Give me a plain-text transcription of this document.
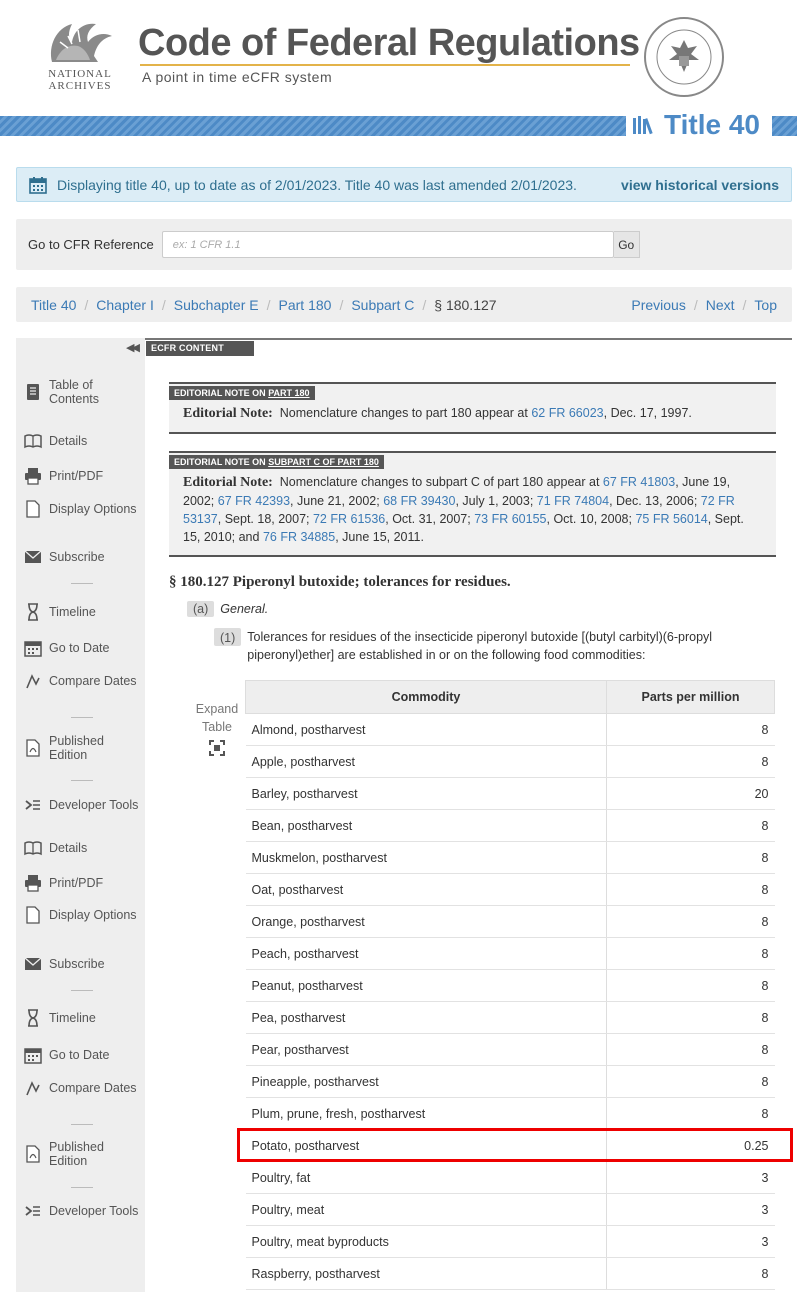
NATIONAL
ARCHIVES
Code of Federal Regulations
A point in time eCFR system
Title 40
Displaying title 40, up to date as of 2/01/2023. Title 40 was last amended 2/01/2023.	view historical versions
Go to CFR Reference
ex: 1 CFR 1.1	Go
Title 40 / Chapter I / Subchapter E / Part 180 / Subpart C / § 180.127	Previous / Next / Top
◀◀
Table of Contents
Details
Print/PDF
Display Options
Subscribe
Timeline
Go to Date
Compare Dates
Published Edition
Developer Tools
Details
Print/PDF
Display Options
Subscribe
Timeline
Go to Date
Compare Dates
Published Edition
Developer Tools
ECFR CONTENT
EDITORIAL NOTE ON PART 180
Editorial Note: Nomenclature changes to part 180 appear at 62 FR 66023, Dec. 17, 1997.
EDITORIAL NOTE ON SUBPART C OF PART 180
Editorial Note: Nomenclature changes to subpart C of part 180 appear at 67 FR 41803, June 19, 2002; 67 FR 42393, June 21, 2002; 68 FR 39430, July 1, 2003; 71 FR 74804, Dec. 13, 2006; 72 FR 53137, Sept. 18, 2007; 72 FR 61536, Oct. 31, 2007; 73 FR 60155, Oct. 10, 2008; 75 FR 56014, Sept. 15, 2010; and 76 FR 34885, June 15, 2011.
§ 180.127 Piperonyl butoxide; tolerances for residues.
(a) General.
(1) Tolerances for residues of the insecticide piperonyl butoxide [(butyl carbityl)(6-propyl piperonyl)ether] are established in or on the following food commodities:
Expand
Table
Commodity	Parts per million
Almond, postharvest	8
Apple, postharvest	8
Barley, postharvest	20
Bean, postharvest	8
Muskmelon, postharvest	8
Oat, postharvest	8
Orange, postharvest	8
Peach, postharvest	8
Peanut, postharvest	8
Pea, postharvest	8
Pear, postharvest	8
Pineapple, postharvest	8
Plum, prune, fresh, postharvest	8
Potato, postharvest	0.25
Poultry, fat	3
Poultry, meat	3
Poultry, meat byproducts	3
Raspberry, postharvest	8
